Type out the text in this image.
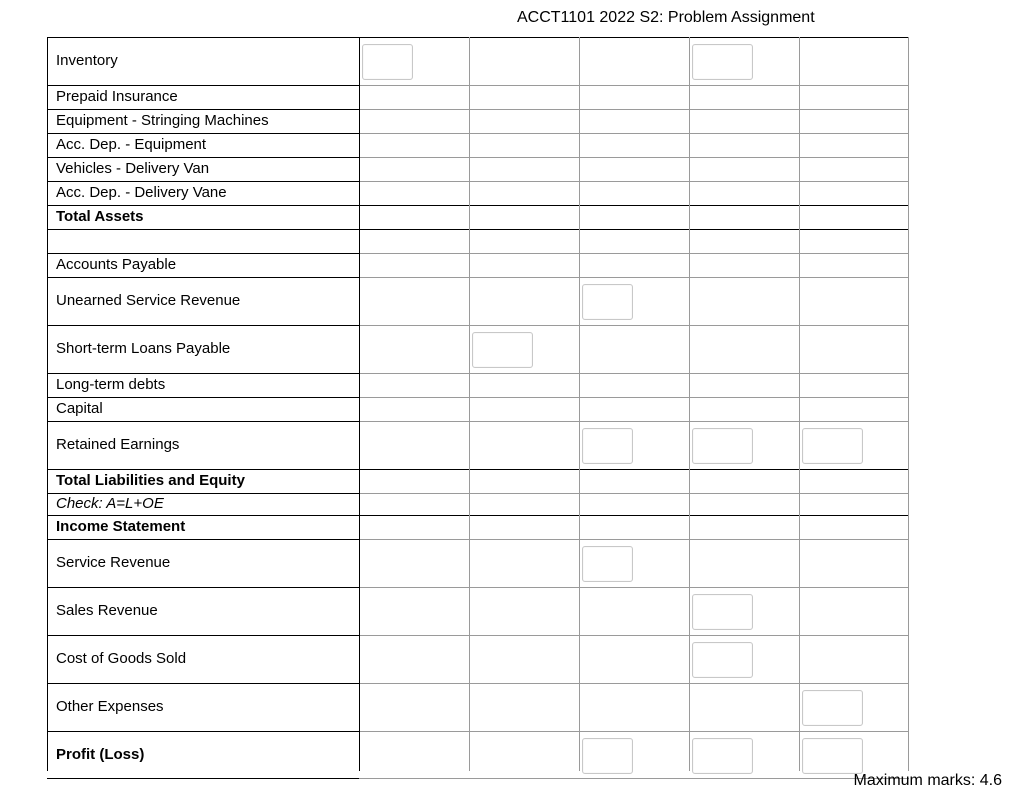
ACCT1101 2022 S2: Problem Assignment
Inventory
Prepaid Insurance
Equipment - Stringing Machines
Acc. Dep. - Equipment
Vehicles - Delivery Van
Acc. Dep. - Delivery Vane
Total Assets
Accounts Payable
Unearned Service Revenue
Short-term Loans Payable
Long-term debts
Capital
Retained Earnings
Total Liabilities and Equity
Check: A=L+OE
Income Statement
Service Revenue
Sales Revenue
Cost of Goods Sold
Other Expenses
Profit (Loss)
Maximum marks: 4.6
